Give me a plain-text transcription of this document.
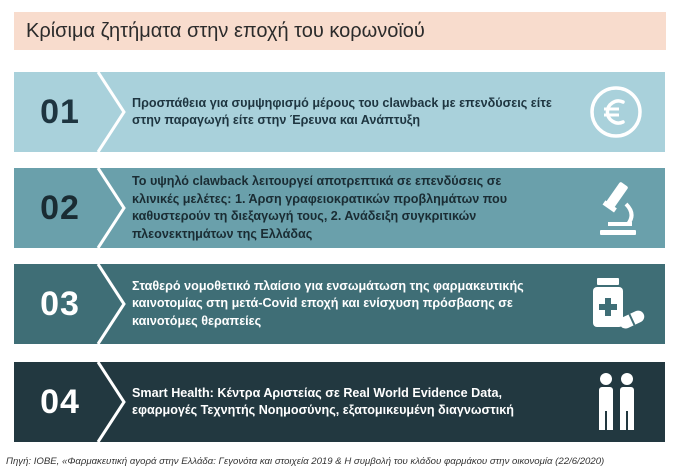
Κρίσιμα ζητήματα στην εποχή του κορωνοϊού
01	Προσπάθεια για συμψηφισμό μέρους του clawback με επενδύσεις είτε στην παραγωγή είτε στην Έρευνα και Ανάπτυξη
02
Το υψηλό clawback λειτουργεί αποτρεπτικά σε επενδύσεις σε κλινικές μελέτες: 1. Άρση γραφειοκρατικών προβλημάτων που καθυστερούν τη διεξαγωγή τους, 2. Ανάδειξη συγκριτικών πλεονεκτημάτων της Ελλάδας
03	Σταθερό νομοθετικό πλαίσιο για ενσωμάτωση της φαρμακευτικής καινοτομίας στη μετά-Covid εποχή και ενίσχυση πρόσβασης σε καινοτόμες θεραπείες
04	Smart Health: Κέντρα Αριστείας σε Real World Evidence Data, εφαρμογές Τεχνητής Νοημοσύνης, εξατομικευμένη διαγνωστική
Πηγή: ΙΟΒΕ, «Φαρμακευτική αγορά στην Ελλάδα: Γεγονότα και στοιχεία 2019 & Η συμβολή του κλάδου φαρμάκου στην οικονομία (22/6/2020)
